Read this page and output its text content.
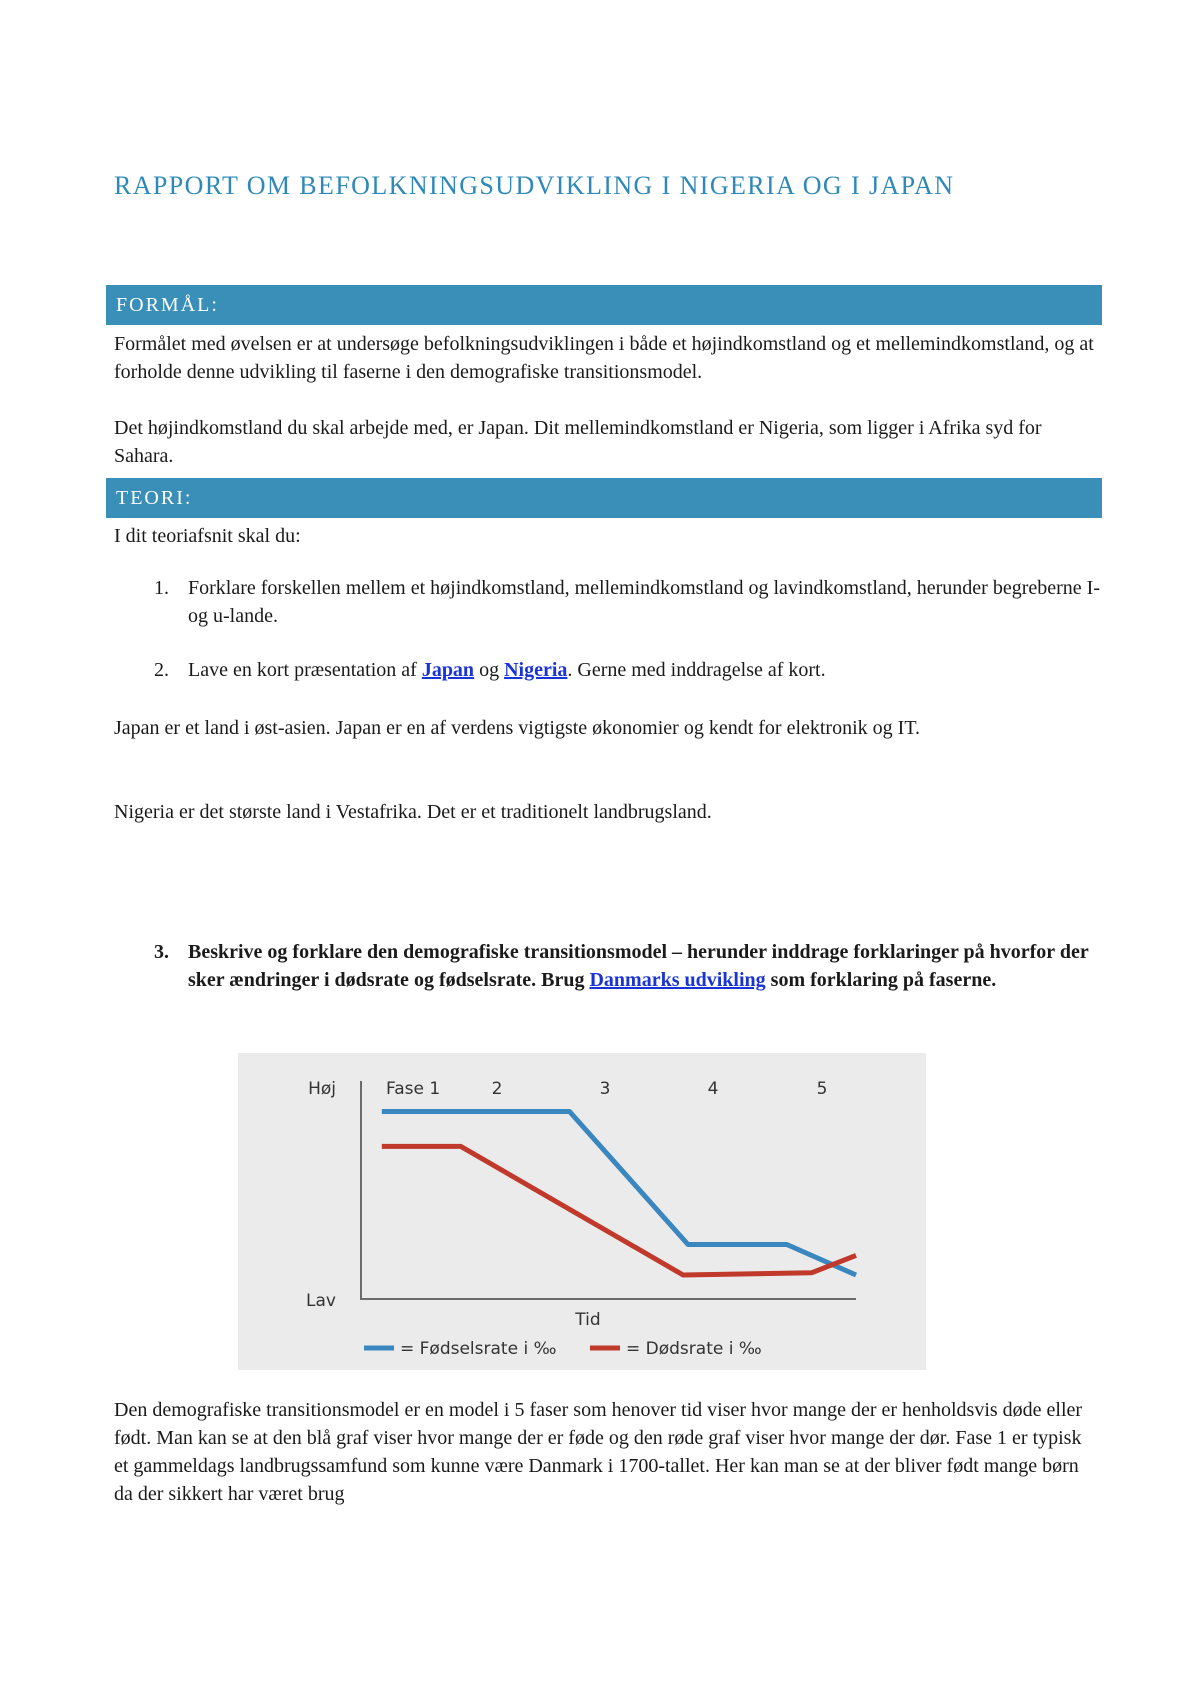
RAPPORT OM BEFOLKNINGSUDVIKLING I NIGERIA OG I JAPAN
FORMÅL:

Formålet med øvelsen er at undersøge befolkningsudviklingen i både et højindkomstland og et mellemindkomstland, og at forholde denne udvikling til faserne i den demografiske transitionsmodel.

Det højindkomstland du skal arbejde med, er Japan. Dit mellemindkomstland er Nigeria, som ligger i Afrika syd for Sahara.

TEORI:

I dit teoriafsnit skal du:

1. Forklare forskellen mellem et højindkomstland, mellemindkomstland og lavindkomstland, herunder begreberne I- og u-lande.
2. Lave en kort præsentation af Japan og Nigeria. Gerne med inddragelse af kort.

Japan er et land i øst-asien. Japan er en af verdens vigtigste økonomier og kendt for elektronik og IT.

Nigeria er det største land i Vestafrika. Det er et traditionelt landbrugsland.

3. Beskrive og forklare den demografiske transitionsmodel – herunder inddrage forklaringer på hvorfor der sker ændringer i dødsrate og fødselsrate. Brug Danmarks udvikling som forklaring på faserne.
Høj
Lav
Fase 1	2	3	4	5
Tid
= Fødselsrate i ‰	= Dødsrate i ‰

Den demografiske transitionsmodel er en model i 5 faser som henover tid viser hvor mange der er henholdsvis døde eller født. Man kan se at den blå graf viser hvor mange der er føde og den røde graf viser hvor mange der dør. Fase 1 er typisk et gammeldags landbrugssamfund som kunne være Danmark i 1700-tallet. Her kan man se at der bliver født mange børn da der sikkert har været brug
